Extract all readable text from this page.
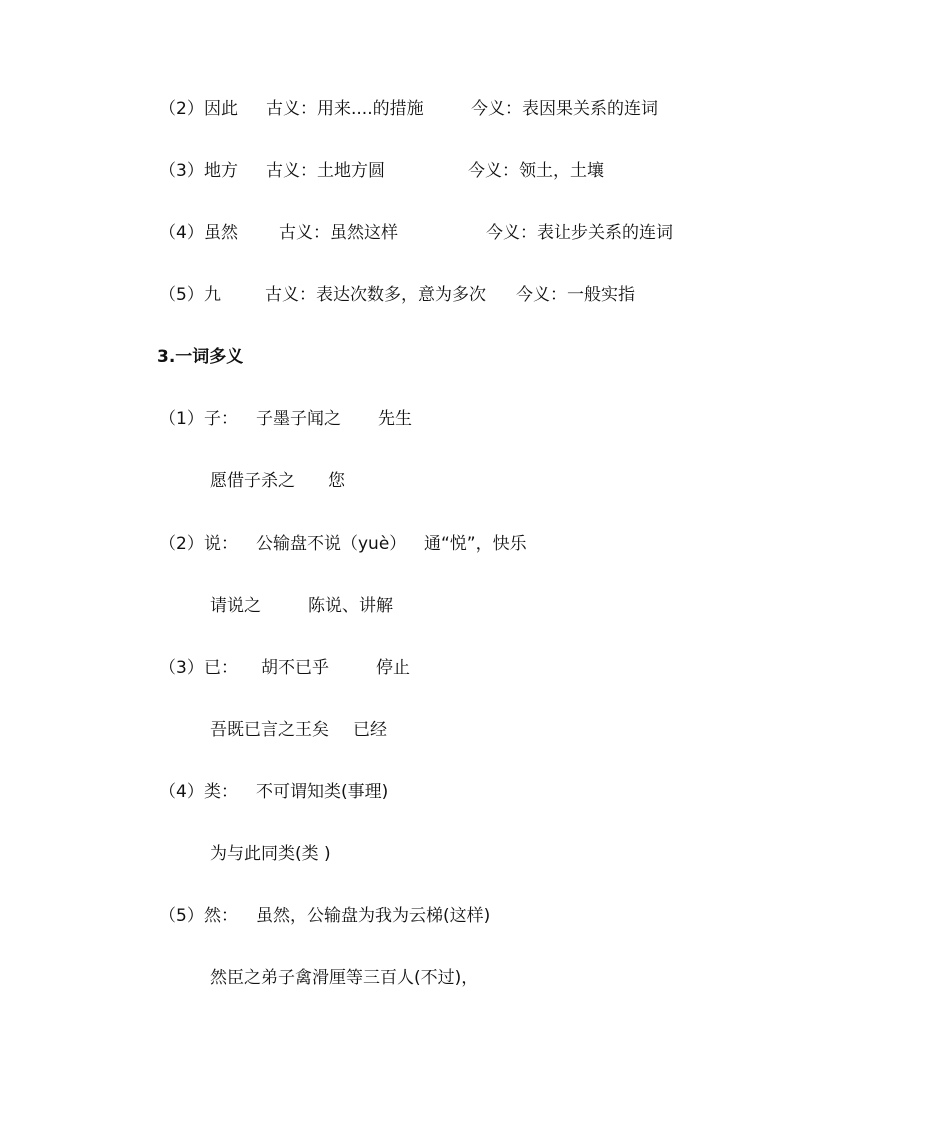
（2） 因此 古义：用来....的措施	今义：表因果关系的连词
（3） 地方 古义：土地方圆	今义：领土，土壤
（4） 虽然 古义：虽然这样	今义：表让步关系的连词
（5） 九	古义：表达次数多，意为多次 今义：一般实指
3.一词多义
（1） 子： 子墨子闻之 先生
愿借子杀之 您
（2） 说： 公输盘不说（yuè） 通“悦”，快乐
请说之	陈说、讲解
（3） 已： 胡不已乎	停止
吾既已言之王矣 已经
（4） 类： 不可谓知类(事理)
为与此同类(类 )
（5） 然： 虽然，公输盘为我为云梯(这样)
然臣之弟子禽滑厘等三百人(不过)，
